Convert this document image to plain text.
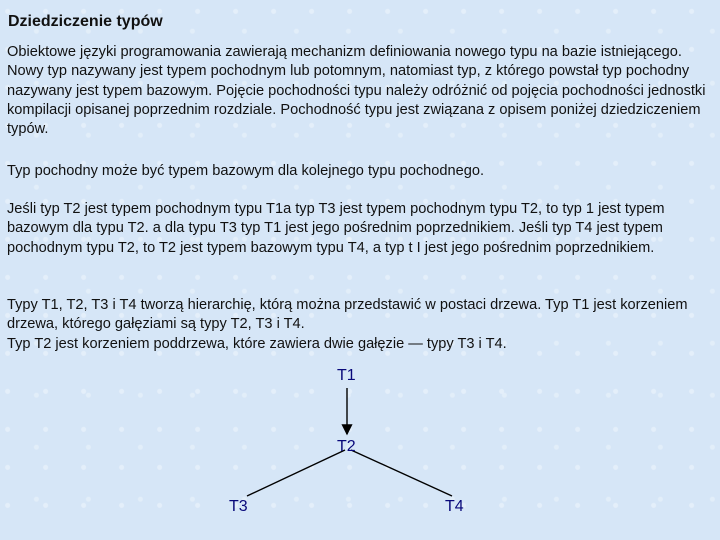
Dziedziczenie typów

Obiektowe języki programowania zawierają mechanizm definiowania nowego typu na bazie istniejącego. Nowy typ nazywany jest typem pochodnym lub potomnym, natomiast typ, z którego powstał typ pochodny nazywany jest typem bazowym. Pojęcie pochodności typu należy odróżnić od pojęcia pochodności jednostki kompilacji opisanej poprzednim rozdziale. Pochodność typu jest związana z opisem poniżej dziedziczeniem typów.

Typ pochodny może być typem bazowym dla kolejnego typu pochodnego.

Jeśli typ T2 jest typem pochodnym typu T1a typ T3 jest typem pochodnym typu T2, to typ 1 jest typem bazowym dla typu T2. a dla typu T3 typ T1 jest jego pośrednim poprzednikiem. Jeśli typ T4 jest typem pochodnym typu T2, to T2 jest typem bazowym typu T4, a typ t I jest jego pośrednim poprzednikiem.

Typy T1, T2, T3 i T4 tworzą hierarchię, którą można przedstawić w postaci drzewa. Typ T1 jest korzeniem drzewa, którego gałęziami są typy T2, T3 i T4.
Typ T2 jest korzeniem poddrzewa, które zawiera dwie gałęzie — typy T3 i T4.

T1
T2
T3	T4
